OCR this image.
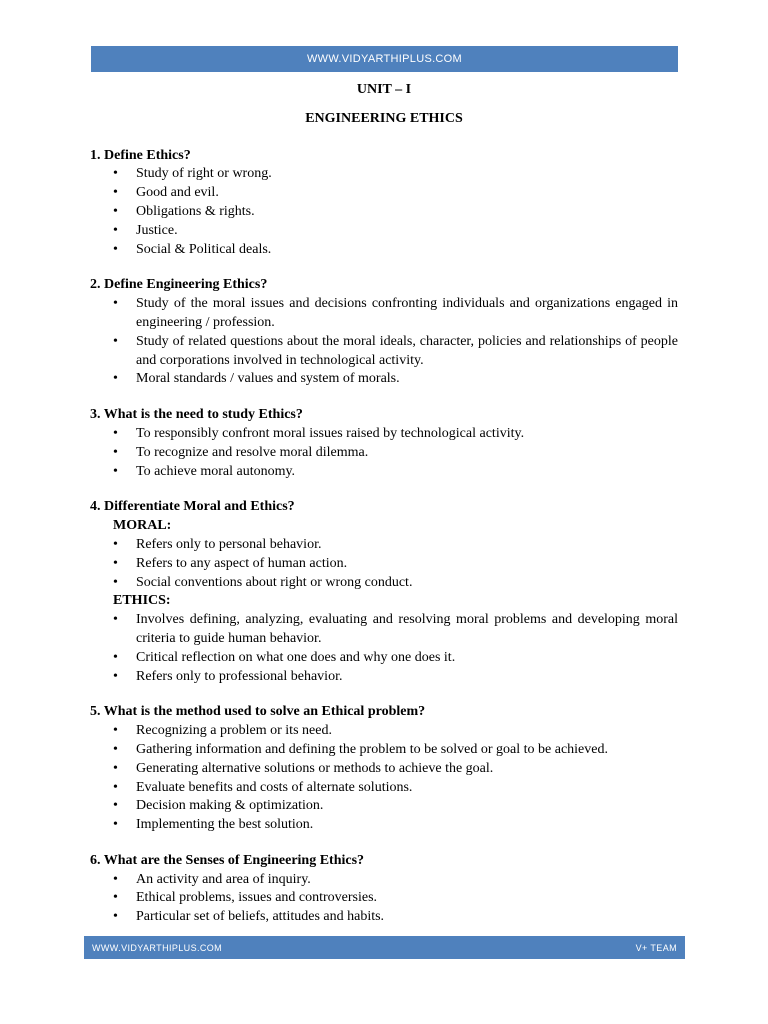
WWW.VIDYARTHIPLUS.COM

UNIT – I

ENGINEERING ETHICS

1. Define Ethics?

• Study of right or wrong.
• Good and evil.
• Obligations & rights.
• Justice.
• Social & Political deals.

2. Define Engineering Ethics?

• Study of the moral issues and decisions confronting individuals and organizations engaged in engineering / profession.
• Study of related questions about the moral ideals, character, policies and relationships of people and corporations involved in technological activity.
• Moral standards / values and system of morals.

3. What is the need to study Ethics?

• To responsibly confront moral issues raised by technological activity.
• To recognize and resolve moral dilemma.
• To achieve moral autonomy.

4. Differentiate Moral and Ethics?

MORAL:

• Refers only to personal behavior.
• Refers to any aspect of human action.
• Social conventions about right or wrong conduct.

ETHICS:

• Involves defining, analyzing, evaluating and resolving moral problems and developing moral criteria to guide human behavior.
• Critical reflection on what one does and why one does it.
• Refers only to professional behavior.

5. What is the method used to solve an Ethical problem?

• Recognizing a problem or its need.
• Gathering information and defining the problem to be solved or goal to be achieved.
• Generating alternative solutions or methods to achieve the goal.
• Evaluate benefits and costs of alternate solutions.
• Decision making & optimization.
• Implementing the best solution.

6. What are the Senses of Engineering Ethics?

• An activity and area of inquiry.
• Ethical problems, issues and controversies.
• Particular set of beliefs, attitudes and habits.
WWW.VIDYARTHIPLUS.COM	V+ TEAM
